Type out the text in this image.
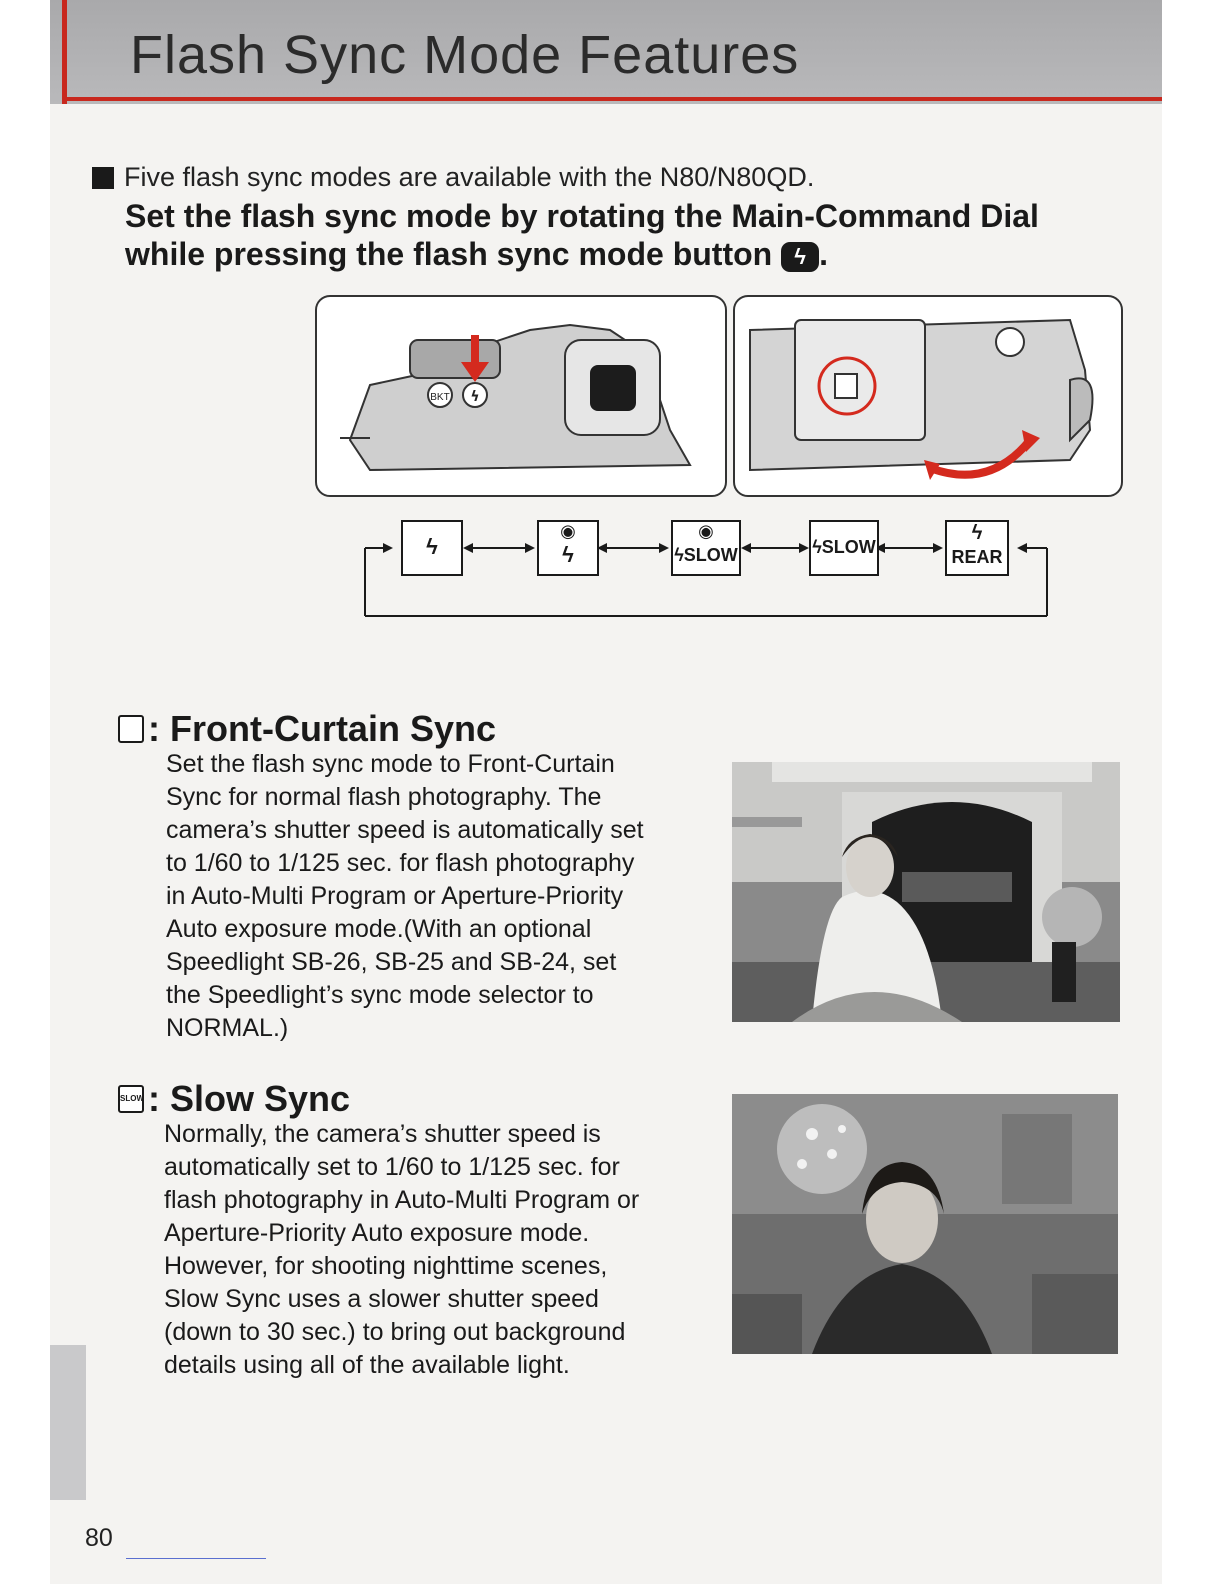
Flash Sync Mode Features
Five flash sync modes are available with the N80/N80QD.
Set the flash sync mode by rotating the Main-Command Dial while pressing the flash sync mode button ϟ .
BKT ϟ
ϟ
◉
ϟ
◉
ϟSLOW	ϟSLOW
ϟ
REAR
: Front-Curtain Sync
Set the flash sync mode to Front-Curtain
Sync for normal flash photography. The
camera’s shutter speed is automatically set
to 1/60 to 1/125 sec. for flash photography
in Auto-Multi Program or Aperture-Priority
Auto exposure mode.(With an optional
Speedlight SB-26, SB-25 and SB-24, set
the Speedlight’s sync mode selector to
NORMAL.)
SLOW : Slow Sync
Normally, the camera’s shutter speed is
automatically set to 1/60 to 1/125 sec. for
flash photography in Auto-Multi Program or
Aperture-Priority Auto exposure mode.
However, for shooting nighttime scenes,
Slow Sync uses a slower shutter speed
(down to 30 sec.) to bring out background
details using all of the available light.
80
